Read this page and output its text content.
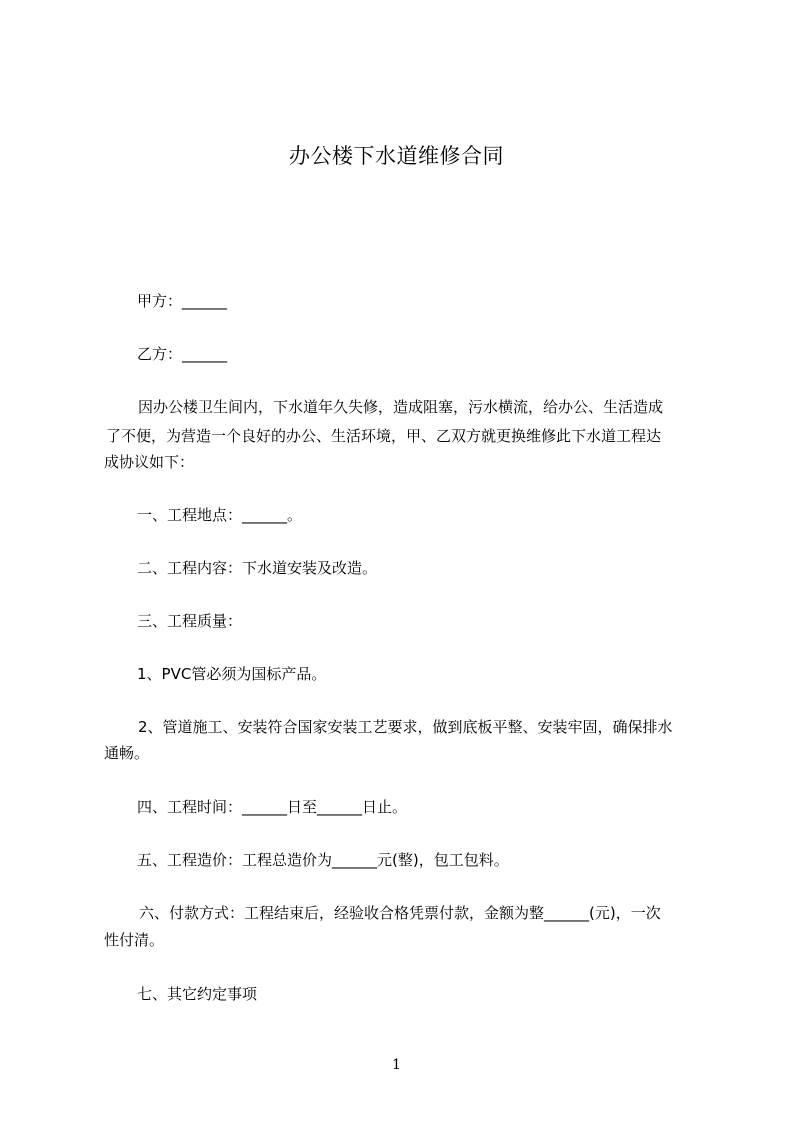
办公楼下水道维修合同
甲方：______
乙方：______
因办公楼卫生间内，下水道年久失修，造成阻塞，污水横流，给办公、生活造成
了不便，为营造一个良好的办公、生活环境，甲、乙双方就更换维修此下水道工程达
成协议如下：
一、工程地点：______。
二、工程内容：下水道安装及改造。
三、工程质量：
1、PVC管必须为国标产品。
2、管道施工、安装符合国家安装工艺要求，做到底板平整、安装牢固，确保排水
通畅。
四、工程时间：______日至______日止。
五、工程造价：工程总造价为______元(整)，包工包料。
六、付款方式：工程结束后，经验收合格凭票付款，金额为整______(元)，一次
性付清。
七、其它约定事项
1
